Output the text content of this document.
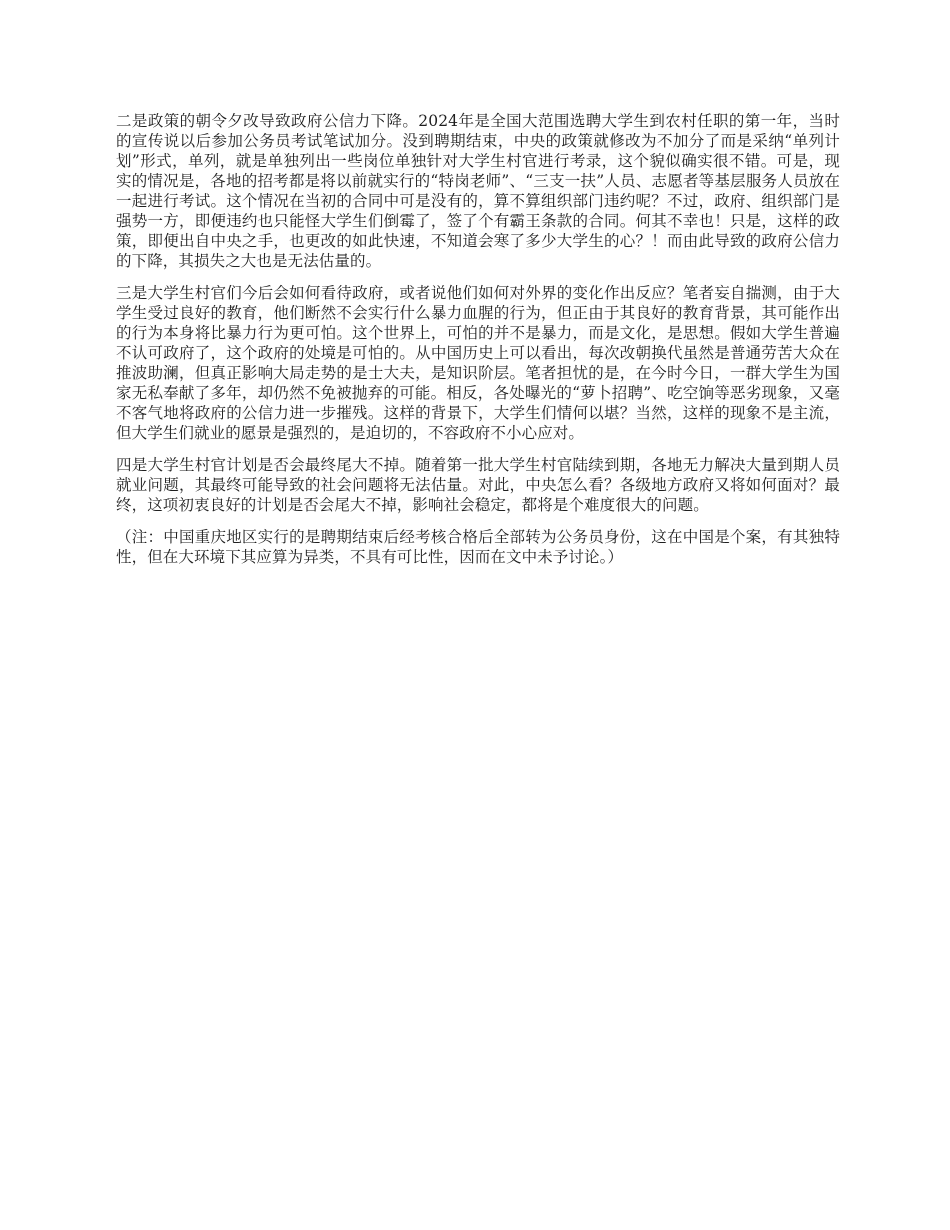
二是政策的朝令夕改导致政府公信力下降。2024年是全国大范围选聘大学生到农村任职的第一年，当时的宣传说以后参加公务员考试笔试加分。没到聘期结束，中央的政策就修改为不加分了而是采纳“单列计划”形式，单列，就是单独列出一些岗位单独针对大学生村官进行考录，这个貌似确实很不错。可是，现实的情况是，各地的招考都是将以前就实行的“特岗老师”、“三支一扶”人员、志愿者等基层服务人员放在一起进行考试。这个情况在当初的合同中可是没有的，算不算组织部门违约呢？不过，政府、组织部门是强势一方，即便违约也只能怪大学生们倒霉了，签了个有霸王条款的合同。何其不幸也！只是，这样的政策，即便出自中央之手，也更改的如此快速，不知道会寒了多少大学生的心？！而由此导致的政府公信力的下降，其损失之大也是无法估量的。

三是大学生村官们今后会如何看待政府，或者说他们如何对外界的变化作出反应？笔者妄自揣测，由于大学生受过良好的教育，他们断然不会实行什么暴力血腥的行为，但正由于其良好的教育背景，其可能作出的行为本身将比暴力行为更可怕。这个世界上，可怕的并不是暴力，而是文化，是思想。假如大学生普遍不认可政府了，这个政府的处境是可怕的。从中国历史上可以看出，每次改朝换代虽然是普通劳苦大众在推波助澜，但真正影响大局走势的是士大夫，是知识阶层。笔者担忧的是，在今时今日，一群大学生为国家无私奉献了多年，却仍然不免被抛弃的可能。相反，各处曝光的“萝卜招聘”、吃空饷等恶劣现象，又毫不客气地将政府的公信力进一步摧残。这样的背景下，大学生们情何以堪？当然，这样的现象不是主流，但大学生们就业的愿景是强烈的，是迫切的，不容政府不小心应对。

四是大学生村官计划是否会最终尾大不掉。随着第一批大学生村官陆续到期，各地无力解决大量到期人员就业问题，其最终可能导致的社会问题将无法估量。对此，中央怎么看？各级地方政府又将如何面对？最终，这项初衷良好的计划是否会尾大不掉，影响社会稳定，都将是个难度很大的问题。

（注：中国重庆地区实行的是聘期结束后经考核合格后全部转为公务员身份，这在中国是个案，有其独特性，但在大环境下其应算为异类，不具有可比性，因而在文中未予讨论。）
